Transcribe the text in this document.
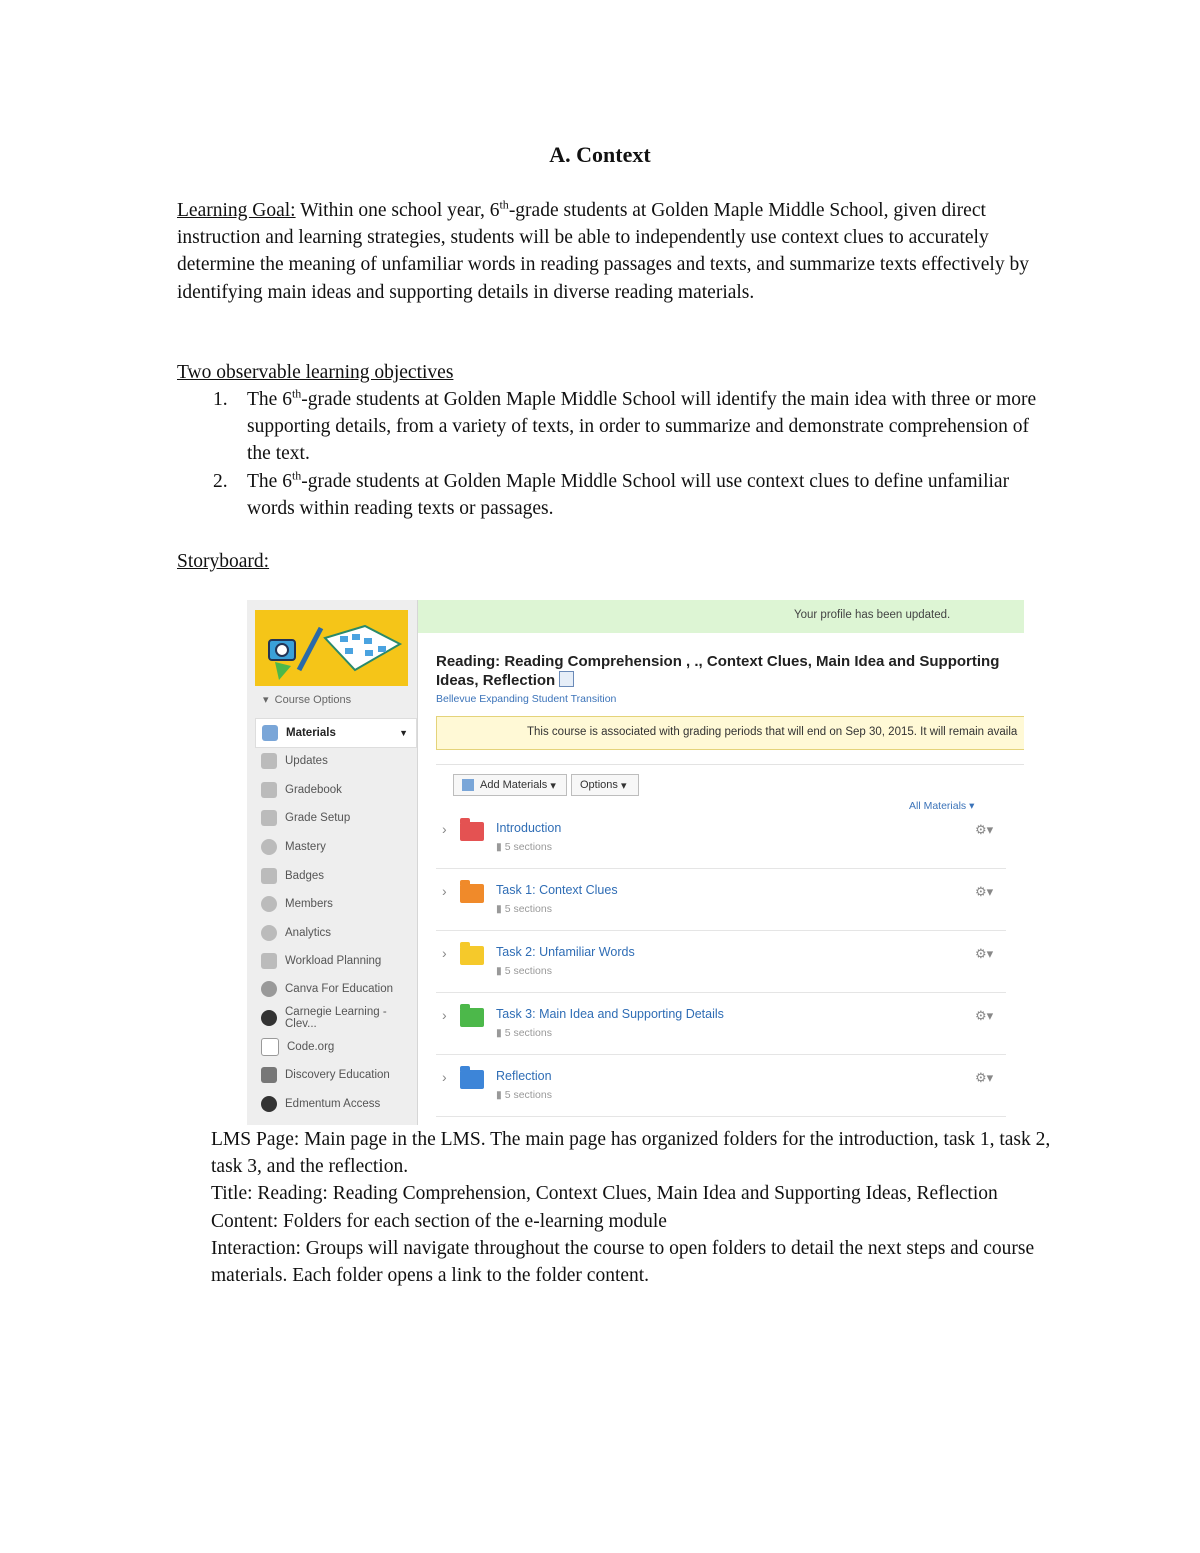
A. Context
Learning Goal: Within one school year, 6th-grade students at Golden Maple Middle School, given direct instruction and learning strategies, students will be able to independently use context clues to accurately determine the meaning of unfamiliar words in reading passages and texts, and summarize texts effectively by identifying main ideas and supporting details in diverse reading materials.
Two observable learning objectives
1. The 6th-grade students at Golden Maple Middle School will identify the main idea with three or more supporting details, from a variety of texts, in order to summarize and demonstrate comprehension of the text.
2. The 6th-grade students at Golden Maple Middle School will use context clues to define unfamiliar words within reading texts or passages.
Storyboard:
▾  Course Options
Materials	▼
Updates
Gradebook
Grade Setup
Mastery
Badges
Members
Analytics
Workload Planning
Canva For Education
Carnegie Learning - Clev...
Code.org
Discovery Education
Edmentum Access
Your profile has been updated.
Reading: Reading Comprehension , ., Context Clues, Main Idea and Supporting Ideas, Reflection
Bellevue Expanding Student Transition
This course is associated with grading periods that will end on Sep 30, 2015. It will remain availa
Add Materials ▾	Options ▾
All Materials ▾
›	Introduction
▮ 5 sections
⚙▾
›	Task 1: Context Clues
▮ 5 sections
⚙▾
›	Task 2: Unfamiliar Words
▮ 5 sections
⚙▾
›	Task 3: Main Idea and Supporting Details
▮ 5 sections
⚙▾
›	Reflection
▮ 5 sections
⚙▾
LMS Page: Main page in the LMS. The main page has organized folders for the introduction, task 1, task 2, task 3, and the reflection.
Title: Reading: Reading Comprehension, Context Clues, Main Idea and Supporting Ideas, Reflection
Content: Folders for each section of the e-learning module
Interaction: Groups will navigate throughout the course to open folders to detail the next steps and course materials. Each folder opens a link to the folder content.
